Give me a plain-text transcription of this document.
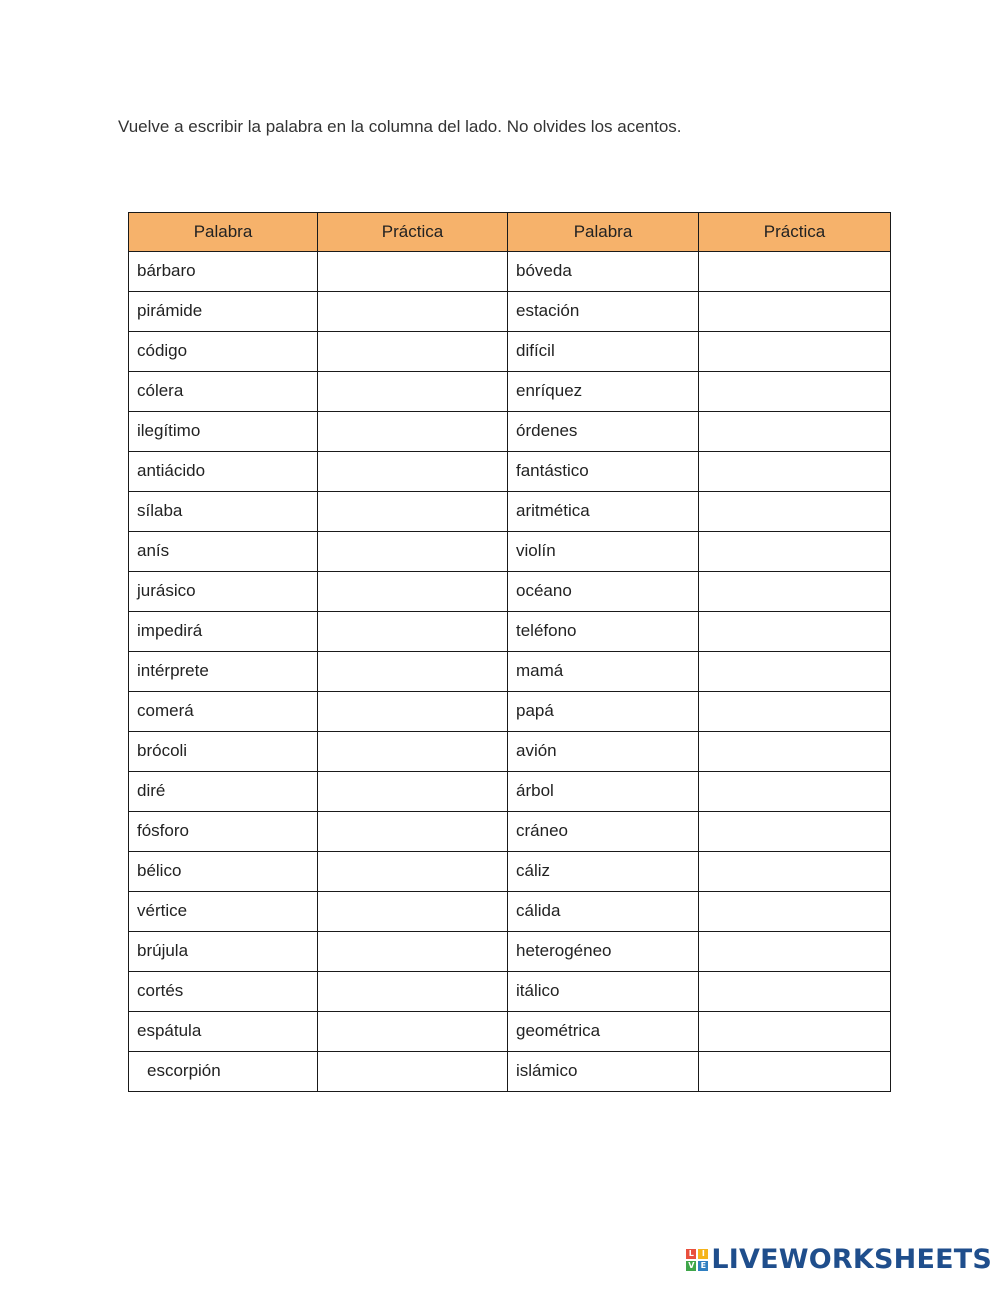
Vuelve a escribir la palabra en la columna del lado. No olvides los acentos.

Palabra	Práctica	Palabra	Práctica
bárbaro		bóveda	
pirámide		estación	
código		difícil	
cólera		enríquez	
ilegítimo		órdenes	
antiácido		fantástico	
sílaba		aritmética	
anís		violín	
jurásico		océano	
impedirá		teléfono	
intérprete		mamá	
comerá		papá	
brócoli		avión	
diré		árbol	
fósforo		cráneo	
bélico		cáliz	
vértice		cálida	
brújula		heterogéneo	
cortés		itálico	
espátula		geométrica	
escorpión		islámico	
L I
V E LIVEWORKSHEETS
